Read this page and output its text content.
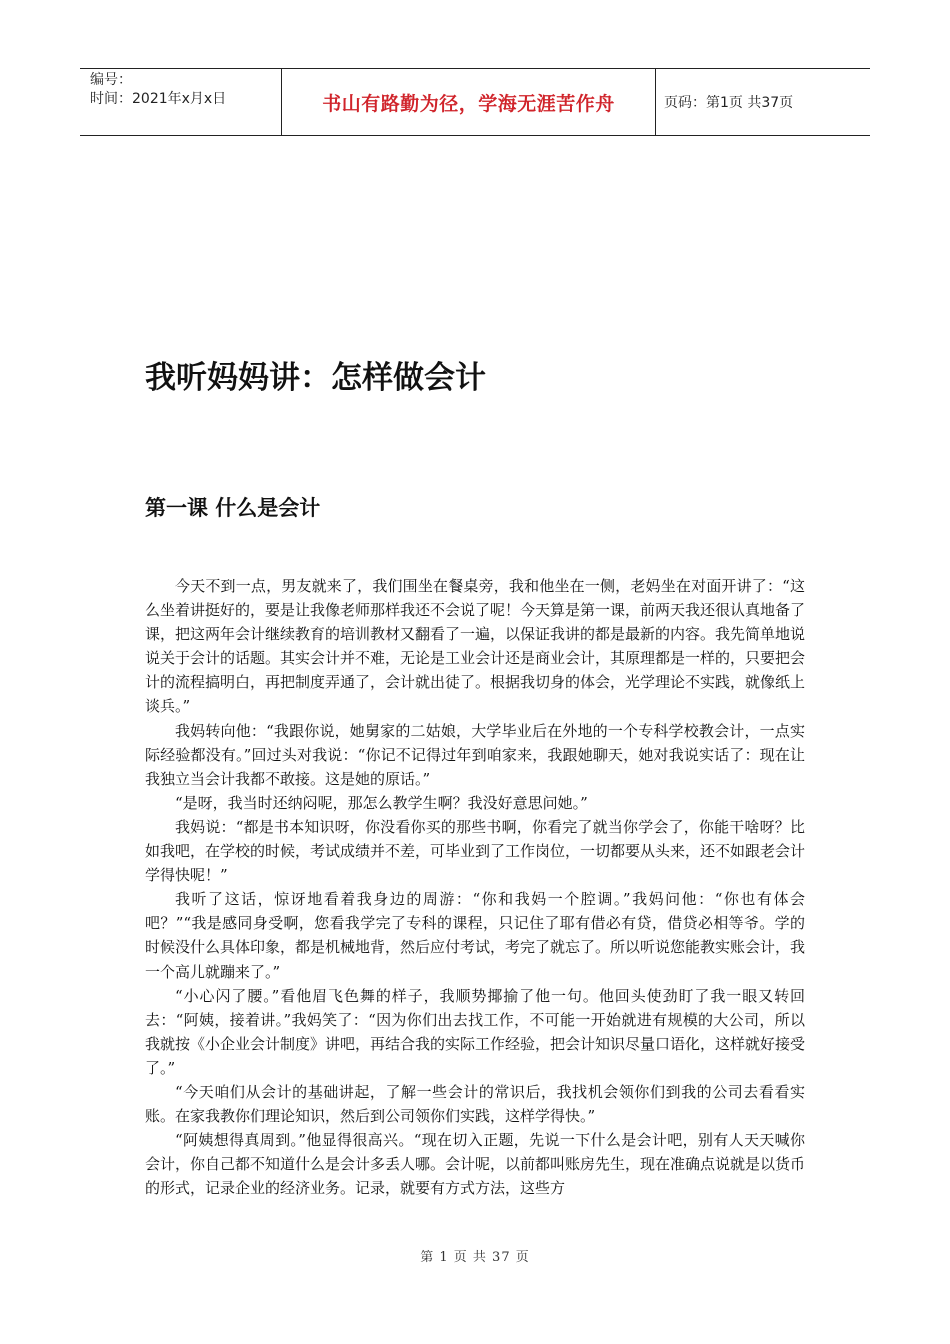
编号：
时间：2021年x月x日	书山有路勤为径，学海无涯苦作舟	页码：第1页 共37页
我听妈妈讲：怎样做会计
第一课 什么是会计

今天不到一点，男友就来了，我们围坐在餐桌旁，我和他坐在一侧，老妈坐在对面开讲了：“这么坐着讲挺好的，要是让我像老师那样我还不会说了呢！今天算是第一课，前两天我还很认真地备了课，把这两年会计继续教育的培训教材又翻看了一遍，以保证我讲的都是最新的内容。我先简单地说说关于会计的话题。其实会计并不难，无论是工业会计还是商业会计，其原理都是一样的，只要把会计的流程搞明白，再把制度弄通了，会计就出徒了。根据我切身的体会，光学理论不实践，就像纸上谈兵。”

我妈转向他：“我跟你说，她舅家的二姑娘，大学毕业后在外地的一个专科学校教会计，一点实际经验都没有。”回过头对我说：“你记不记得过年到咱家来，我跟她聊天，她对我说实话了：现在让我独立当会计我都不敢接。这是她的原话。”

“是呀，我当时还纳闷呢，那怎么教学生啊？我没好意思问她。”

我妈说：“都是书本知识呀，你没看你买的那些书啊，你看完了就当你学会了，你能干啥呀？比如我吧，在学校的时候，考试成绩并不差，可毕业到了工作岗位，一切都要从头来，还不如跟老会计学得快呢！”

我听了这话，惊讶地看着我身边的周游：“你和我妈一个腔调。”我妈问他：“你也有体会吧？”“我是感同身受啊，您看我学完了专科的课程，只记住了耶有借必有贷，借贷必相等爷。学的时候没什么具体印象，都是机械地背，然后应付考试，考完了就忘了。所以听说您能教实账会计，我一个高儿就蹦来了。”

“小心闪了腰。”看他眉飞色舞的样子，我顺势揶揄了他一句。他回头使劲盯了我一眼又转回去：“阿姨，接着讲。”我妈笑了：“因为你们出去找工作，不可能一开始就进有规模的大公司，所以我就按《小企业会计制度》讲吧，再结合我的实际工作经验，把会计知识尽量口语化，这样就好接受了。”

“今天咱们从会计的基础讲起，了解一些会计的常识后，我找机会领你们到我的公司去看看实账。在家我教你们理论知识，然后到公司领你们实践，这样学得快。”

“阿姨想得真周到。”他显得很高兴。“现在切入正题，先说一下什么是会计吧，别有人天天喊你会计，你自己都不知道什么是会计多丢人哪。会计呢，以前都叫账房先生，现在准确点说就是以货币的形式，记录企业的经济业务。记录，就要有方式方法，这些方

第 1 页 共 37 页
